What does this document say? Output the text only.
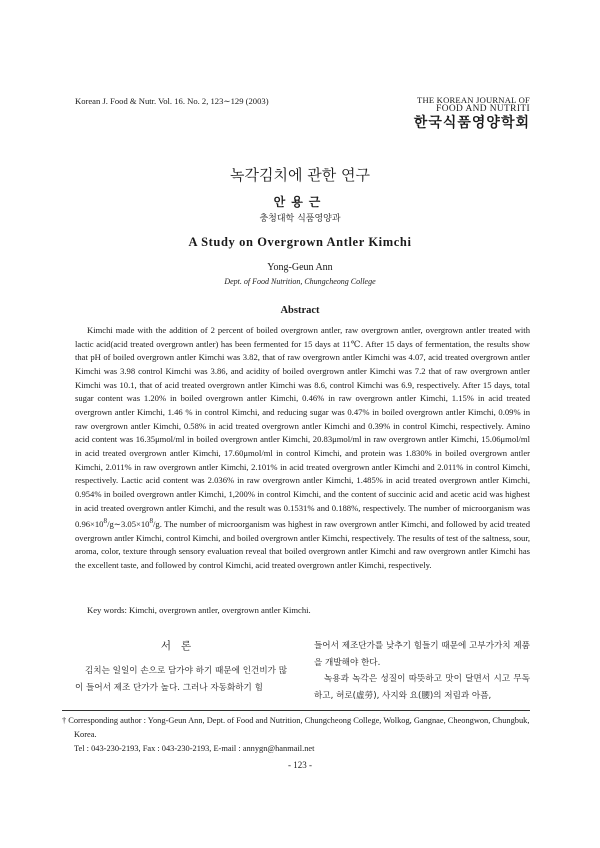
Korean J. Food & Nutr. Vol. 16. No. 2, 123∼129 (2003)	THE KOREAN JOURNAL OF
FOOD AND NUTRITI
한국식품영양학회
녹각김치에 관한 연구
안용근
충청대학 식품영양과
A Study on Overgrown Antler Kimchi
Yong-Geun Ann
Dept. of Food Nutrition, Chungcheong College
Abstract

Kimchi made with the addition of 2 percent of boiled overgrown antler, raw overgrown antler, overgrown antler treated with lactic acid(acid treated overgrown antler) has been fermented for 15 days at 11℃. After 15 days of fermentation, the results show that pH of boiled overgrown antler Kimchi was 3.82, that of raw overgrown antler Kimchi was 4.07, acid treated overgrown antler Kimchi was 3.98 control Kimchi was 3.86, and acidity of boiled overgrown antler Kimchi was 7.2 that of raw overgrown antler Kimchi was 10.1, that of acid treated overgrown antler Kimchi was 8.6, control Kimchi was 6.9, respectively. After 15 days, total sugar content was 1.20% in boiled overgrown antler Kimchi, 0.46% in raw overgrown antler Kimchi, 1.15% in acid treated overgrown antler Kimchi, 1.46 % in control Kimchi, and reducing sugar was 0.47% in boiled overgrown antler Kimchi, 0.09% in raw overgrown antler Kimchi, 0.58% in acid treated overgrown antler Kimchi and 0.39% in control Kimchi, respectively. Amino acid content was 16.35μmol/ml in boiled overgrown antler Kimchi, 20.83μmol/ml in raw overgrown antler Kimchi, 15.06μmol/ml in acid treated overgrown antler Kimchi, 17.60μmol/ml in control Kimchi, and protein was 1.830% in boiled overgrown antler Kimchi, 2.011% in raw overgrown antler Kimchi, 2.101% in acid treated overgrown antler Kimchi and 2.011% in control Kimchi, respectively. Lactic acid content was 2.036% in raw overgrown antler Kimchi, 1.485% in acid treated overgrown antler Kimchi, 0.954% in boiled overgrown antler Kimchi, 1,200% in control Kimchi, and the content of succinic acid and acetic acid was highest in acid treated overgrown antler Kimchi, and the result was 0.1531% and 0.188%, respectively. The number of microorganism was $0.96\times 10^8/g\sim 3.05\times 10^8/g$. The number of microorganism was highest in raw overgrown antler Kimchi, and followed by acid treated overgrown antler Kimchi, control Kimchi, and boiled overgrown antler Kimchi, respectively. The results of test of the saltness, sour, aroma, color, texture through sensory evaluation reveal that boiled overgrown antler Kimchi and raw overgrown antler Kimchi has the excellent taste, and followed by control Kimchi, acid treated overgrown antler Kimchi, respectively.

Key words: Kimchi, overgrown antler, overgrown antler Kimchi.
서론

김치는 일일이 손으로 담가야 하기 때문에 인건비가 많이 들어서 제조 단가가 높다. 그러나 자동화하기 힘

들어서 제조단가를 낮추기 힘들기 때문에 고부가가치 제품을 개발해야 한다.

녹용과 녹각은 성질이 따뜻하고 맛이 달면서 시고 무독하고, 허로(虛勞), 사지와 요(腰)의 저림과 아픔,

† Corresponding author : Yong-Geun Ann, Dept. of Food and Nutrition, Chungcheong College, Wolkog, Gangnae, Cheongwon, Chungbuk, Korea.
Tel : 043-230-2193, Fax : 043-230-2193, E-mail : annygn@hanmail.net
- 123 -
